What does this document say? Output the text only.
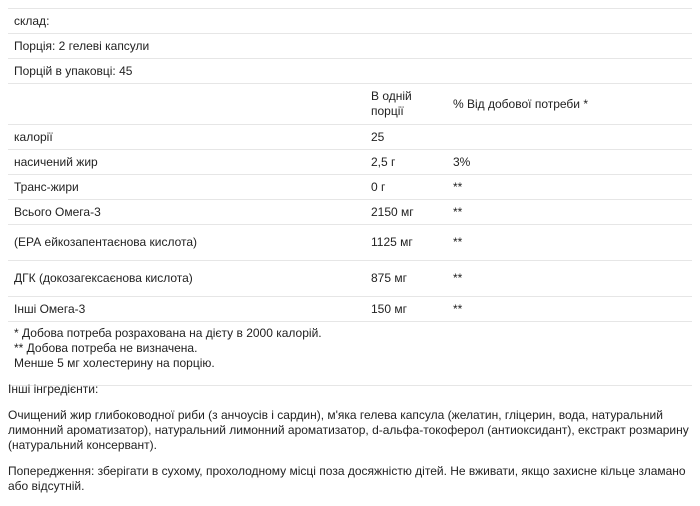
склад:		
Порція: 2 гелеві капсули		
Порцій в упаковці: 45		
	В одній порції	% Від добової потреби *
калорії	25	
насичений жир	2,5 г	3%
Транс-жири	0 г	**
Всього Омега-3	2150 мг	**
(ЕРА ейкозапентаєнова кислота)	1125 мг	**
ДГК (докозагексаєнова кислота)	875 мг	**
Інші Омега-3	150 мг	**

* Добова потреба розрахована на дієту в 2000 калорій.
** Добова потреба не визначена.
Менше 5 мг холестерину на порцію.		

Інші інгредієнти:

Очищений жир глибоководної риби (з анчоусів і сардин), м'яка гелева капсула (желатин, гліцерин, вода, натуральний лимонний ароматизатор), натуральний лимонний ароматизатор, d-альфа-токоферол (антиоксидант), екстракт розмарину (натуральний консервант).

Попередження: зберігати в сухому, прохолодному місці поза досяжністю дітей. Не вживати, якщо захисне кільце зламано або відсутній.
